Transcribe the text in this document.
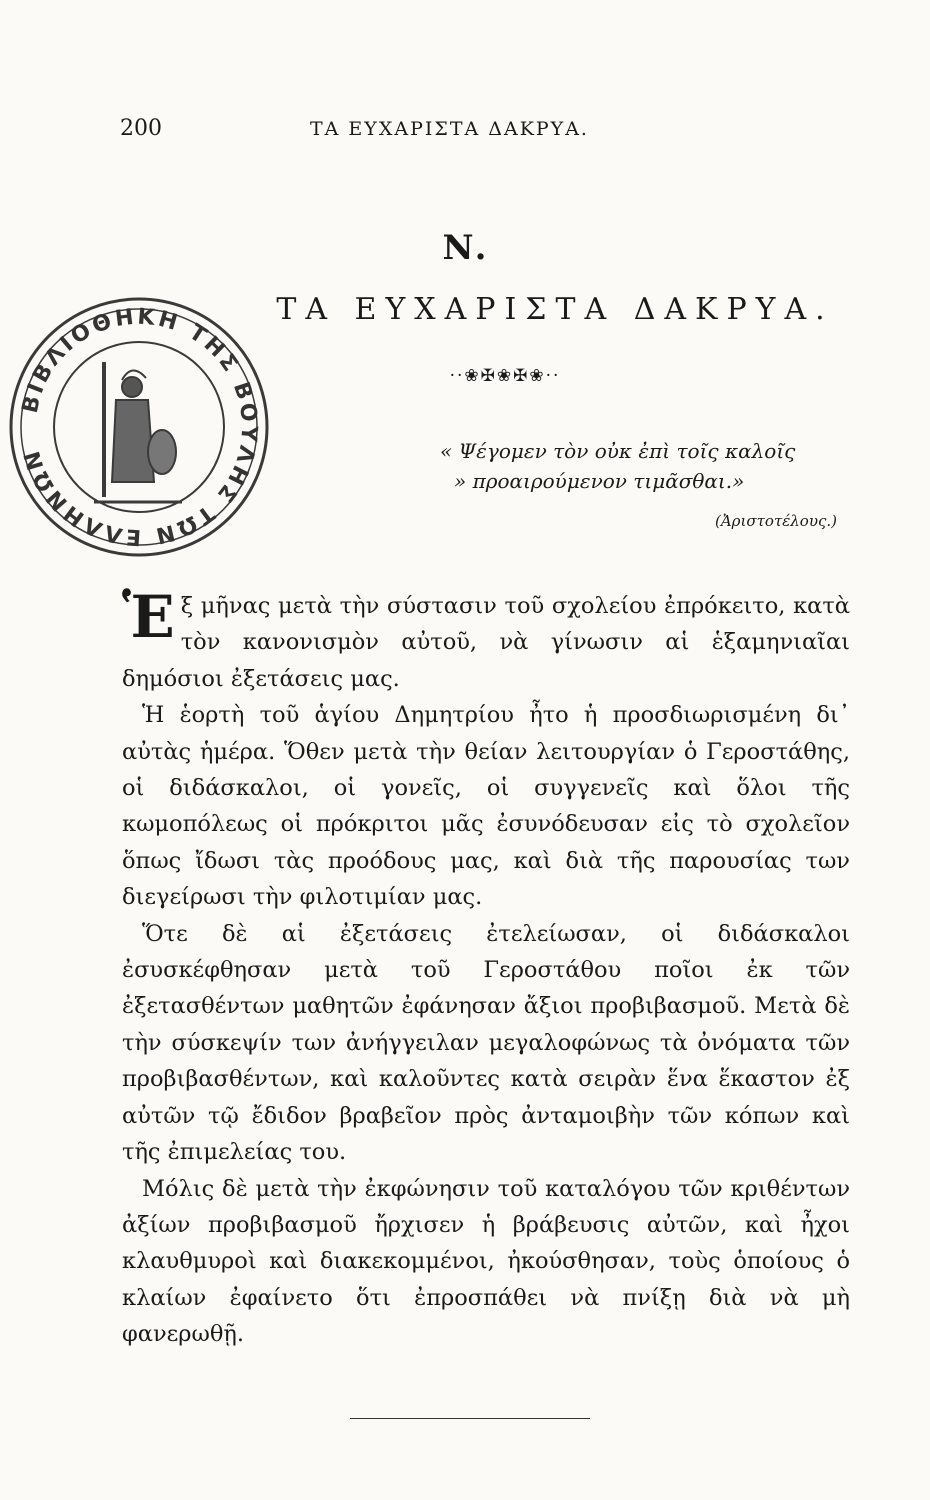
200	ΤΑ ΕΥΧΑΡΙΣΤΑ ΔΑΚΡΥΑ.
Ν.
ΤΑ ΕΥΧΑΡΙΣΤΑ ΔΑΚΡΥΑ.
··❀✠❀✠❀··
« Ψέγομεν τὸν οὐκ ἐπὶ τοῖς καλοῖς
» προαιρούμενον τιμᾶσθαι.»
(Ἀριστοτέλους.)
ΒΙΒΛΙΟΘΗΚΗ ΤΗΣ ΒΟΥΛΗΣ ΤΩΝ ΕΛΛΗΝΩΝ

Ἑξ μῆνας μετὰ τὴν σύστασιν τοῦ σχολείου ἐπρόκειτο, κατὰ τὸν κανονισμὸν αὐτοῦ, νὰ γίνωσιν αἱ ἑξαμηνιαῖαι δημόσιοι ἐξετάσεις μας.

Ἡ ἑορτὴ τοῦ ἁγίου Δημητρίου ἦτο ἡ προσδιωρισμένη δι᾽ αὐτὰς ἡμέρα. Ὅθεν μετὰ τὴν θείαν λειτουργίαν ὁ Γεροστάθης, οἱ διδάσκαλοι, οἱ γονεῖς, οἱ συγγενεῖς καὶ ὅλοι τῆς κωμοπόλεως οἱ πρόκριτοι μᾶς ἐσυνόδευσαν εἰς τὸ σχολεῖον ὅπως ἴδωσι τὰς προόδους μας, καὶ διὰ τῆς παρουσίας των διεγείρωσι τὴν φιλοτιμίαν μας.

Ὅτε δὲ αἱ ἐξετάσεις ἐτελείωσαν, οἱ διδάσκαλοι ἐσυσκέφθησαν μετὰ τοῦ Γεροστάθου ποῖοι ἐκ τῶν ἐξετασθέντων μαθητῶν ἐφάνησαν ἄξιοι προβιβασμοῦ. Μετὰ δὲ τὴν σύσκεψίν των ἀνήγγειλαν μεγαλοφώνως τὰ ὀνόματα τῶν προβιβασθέντων, καὶ καλοῦντες κατὰ σειρὰν ἕνα ἕκαστον ἐξ αὐτῶν τῷ ἔδιδον βραβεῖον πρὸς ἀνταμοιβὴν τῶν κόπων καὶ τῆς ἐπιμελείας του.

Μόλις δὲ μετὰ τὴν ἐκφώνησιν τοῦ καταλόγου τῶν κριθέντων ἀξίων προβιβασμοῦ ἤρχισεν ἡ βράβευσις αὐτῶν, καὶ ἦχοι κλαυθμυροὶ καὶ διακεκομμένοι, ἠκούσθησαν, τοὺς ὁποίους ὁ κλαίων ἐφαίνετο ὅτι ἐπροσπάθει νὰ πνίξῃ διὰ νὰ μὴ φανερωθῇ.
